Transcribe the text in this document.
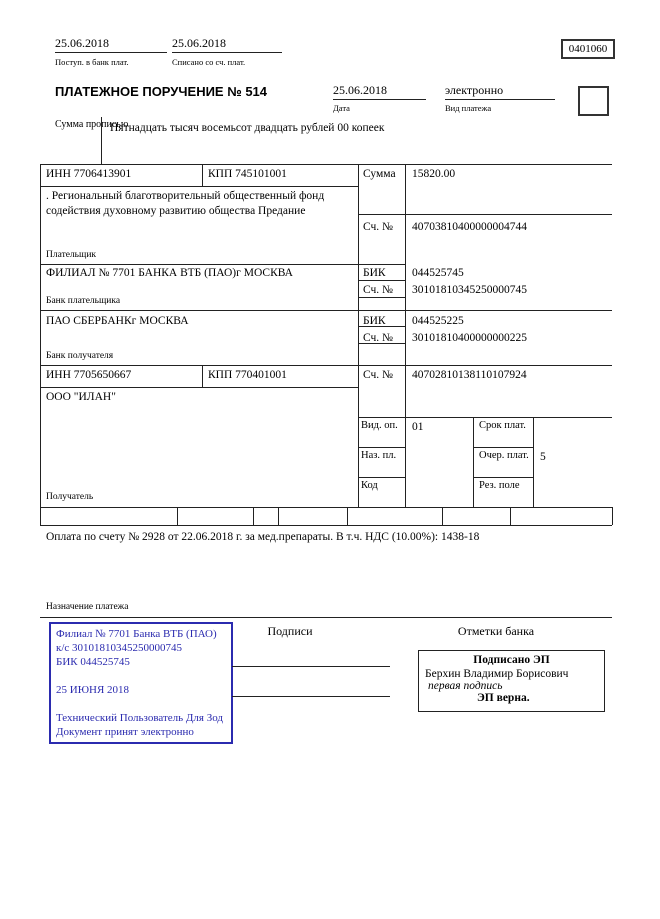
25.06.2018
Поступ. в банк плат.
25.06.2018
Списано со сч. плат.
0401060
ПЛАТЕЖНОЕ ПОРУЧЕНИЕ № 514	25.06.2018
Дата
электронно
Вид платежа
Сумма прописью
Пятнадцать тысяч восемьсот двадцать рублей 00 копеек
ИНН 7706413901	КПП 745101001	Сумма 15820.00
. Региональный благотворительный общественный фонд содействия духовному развитию общества Предание
Сч. № 40703810400000004744
Плательщик
ФИЛИАЛ № 7701 БАНКА ВТБ (ПАО)г МОСКВА	БИК 044525745
Сч. № 30101810345250000745
Банк плательщика
ПАО СБЕРБАНКг МОСКВА	БИК 044525225
Сч. № 30101810400000000225
Банк получателя
ИНН 7705650667	КПП 770401001	Сч. № 40702810138110107924
ООО "ИЛАН"
Вид. оп. 01	Срок плат.
Наз. пл.	Очер. плат. 5
Код	Рез. поле
Получатель
Оплата по счету № 2928 от 22.06.2018 г. за мед.препараты. В т.ч. НДС (10.00%): 1438-18
Назначение платежа
Подписи	Отметки банка
Филиал № 7701 Банка ВТБ (ПАО)
к/с 30101810345250000745
БИК 044525745
25 ИЮНЯ 2018
Технический Пользователь Для Зод
Документ принят электронно
Подписано ЭП
Берхин Владимир Борисович
первая подпись
ЭП верна.
